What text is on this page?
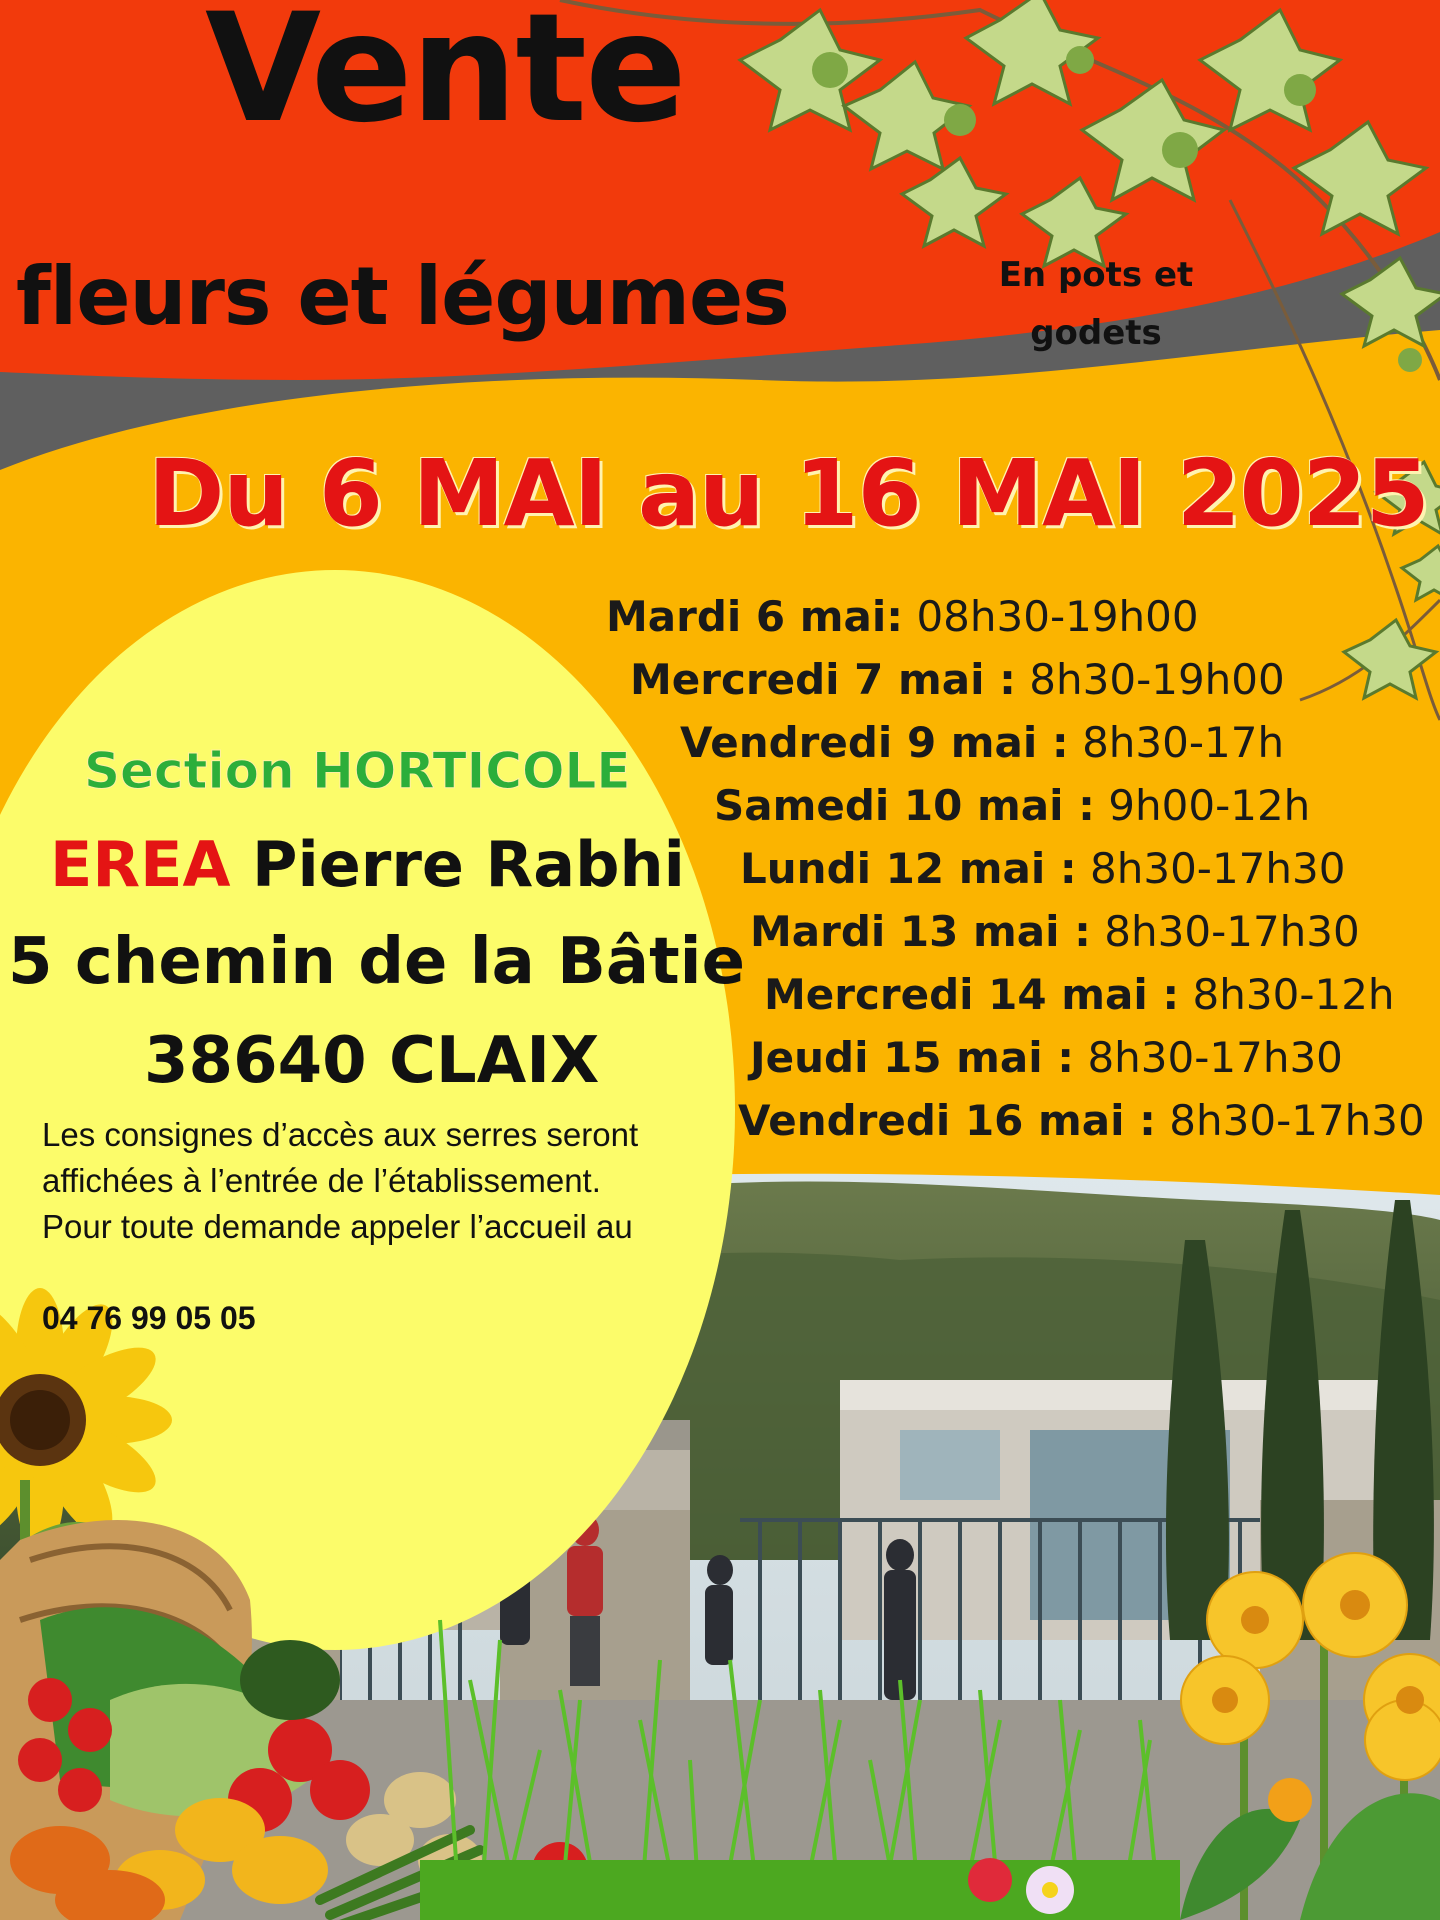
Vente
fleurs et légumes	En pots et godets
Du 6 MAI au 16 MAI 2025
Section HORTICOLE
EREA Pierre Rabhi
5 chemin de la Bâtie
38640 CLAIX
Les consignes d’accès aux serres seront affichées à l’entrée de l’établissement. Pour toute demande appeler l’accueil au
04 76 99 05 05

Mardi 6 mai: 08h30-19h00

Mercredi 7 mai : 8h30-19h00

Vendredi 9 mai : 8h30-17h

Samedi 10 mai : 9h00-12h

Lundi 12 mai : 8h30-17h30

Mardi 13 mai : 8h30-17h30

Mercredi 14 mai : 8h30-12h

Jeudi 15 mai : 8h30-17h30

Vendredi 16 mai : 8h30-17h30
